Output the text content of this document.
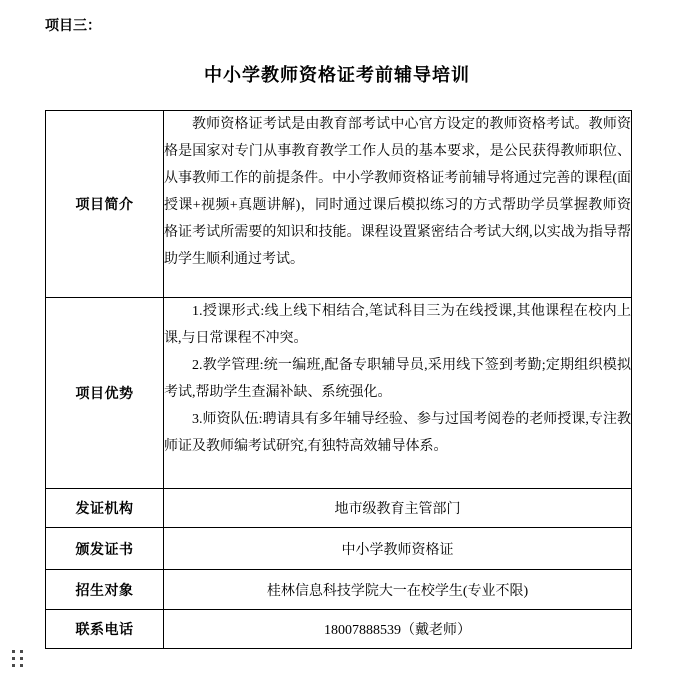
项目三：
中小学教师资格证考前辅导培训
项目简介	教师资格证考试是由教育部考试中心官方设定的教师资格考试。教师资格是国家对专门从事教育教学工作人员的基本要求，是公民获得教师职位、从事教师工作的前提条件。中小学教师资格证考前辅导将通过完善的课程(面授课+视频+真题讲解)，同时通过课后模拟练习的方式帮助学员掌握教师资格证考试所需要的知识和技能。课程设置紧密结合考试大纲,以实战为指导帮助学生顺利通过考试。

项目优势	1.授课形式:线上线下相结合,笔试科目三为在线授课,其他课程在校内上课,与日常课程不冲突。

2.教学管理:统一编班,配备专职辅导员,采用线下签到考勤;定期组织模拟考试,帮助学生查漏补缺、系统强化。

3.师资队伍:聘请具有多年辅导经验、参与过国考阅卷的老师授课,专注教师证及教师编考试研究,有独特高效辅导体系。

发证机构	地市级教育主管部门
颁发证书	中小学教师资格证
招生对象	桂林信息科技学院大一在校学生(专业不限)
联系电话	18007888539（戴老师）
